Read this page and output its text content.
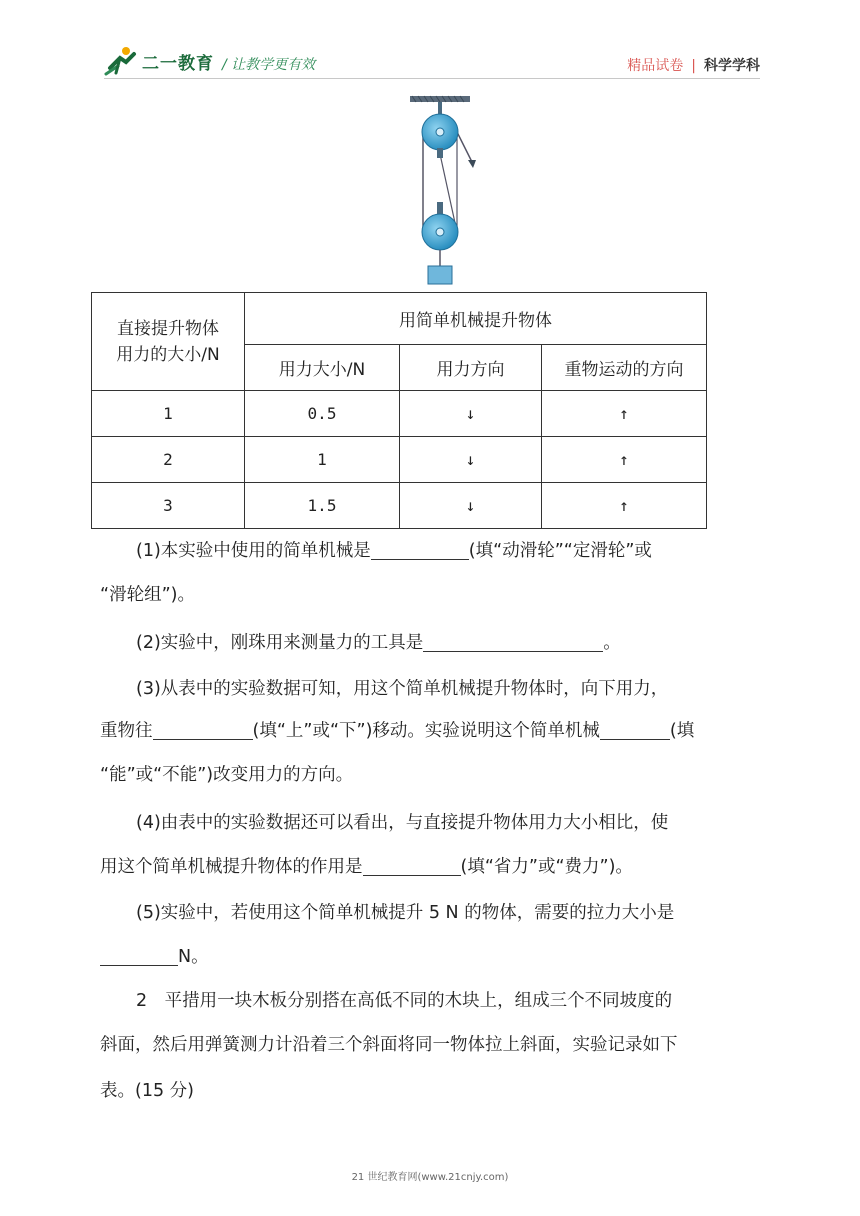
二一教育 / 让教学更有效	精品试卷 | 科学学科
直接提升物体
用力的大小/N	用简单机械提升物体		
	用力大小/N	用力方向	重物运动的方向
1	0.5	↓	↑
2	1	↓	↑
3	1.5	↓	↑
(1)本实验中使用的简单机械是	(填“动滑轮”“定滑轮”或
“滑轮组”)。
(2)实验中，刚珠用来测量力的工具是	。
(3)从表中的实验数据可知，用这个简单机械提升物体时，向下用力，
重物往	(填“上”或“下”)移动。实验说明这个简单机械	(填
“能”或“不能”)改变用力的方向。
(4)由表中的实验数据还可以看出，与直接提升物体用力大小相比，使
用这个简单机械提升物体的作用是	(填“省力”或“费力”)。
(5)实验中，若使用这个简单机械提升 5 N 的物体，需要的拉力大小是
N。
2　平措用一块木板分别搭在高低不同的木块上，组成三个不同坡度的
斜面，然后用弹簧测力计沿着三个斜面将同一物体拉上斜面，实验记录如下
表。(15 分)
21 世纪教育网(www.21cnjy.com)
